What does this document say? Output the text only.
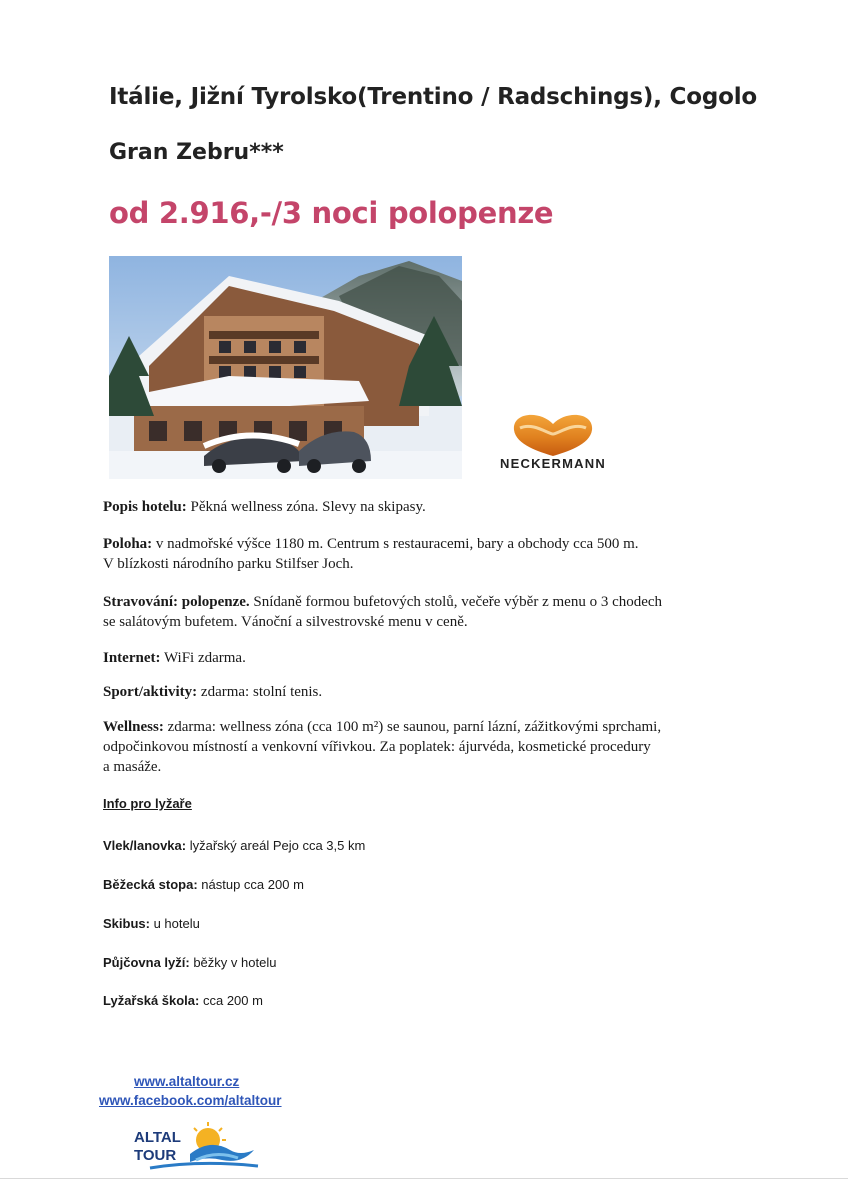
Itálie, Jižní Tyrolsko(Trentino / Radschings), Cogolo
Gran Zebru***
od 2.916,-/3 noci polopenze
NECKERMANN
Popis hotelu: Pěkná wellness zóna. Slevy na skipasy.
Poloha: v nadmořské výšce 1180 m. Centrum s restauracemi, bary a obchody cca 500 m.
V blízkosti národního parku Stilfser Joch.
Stravování: polopenze. Snídaně formou bufetových stolů, večeře výběr z menu o 3 chodech
se salátovým bufetem. Vánoční a silvestrovské menu v ceně.
Internet: WiFi zdarma.
Sport/aktivity: zdarma: stolní tenis.
Wellness: zdarma: wellness zóna (cca 100 m²) se saunou, parní lázní, zážitkovými sprchami,
odpočinkovou místností a venkovní vířivkou. Za poplatek: ájurvéda, kosmetické procedury
a masáže.
Info pro lyžaře
Vlek/lanovka: lyžařský areál Pejo cca 3,5 km
Běžecká stopa: nástup cca 200 m
Skibus: u hotelu
Půjčovna lyží: běžky v hotelu
Lyžařská škola: cca 200 m
www.altaltour.cz
www.facebook.com/altaltour
ALTAL
TOUR
